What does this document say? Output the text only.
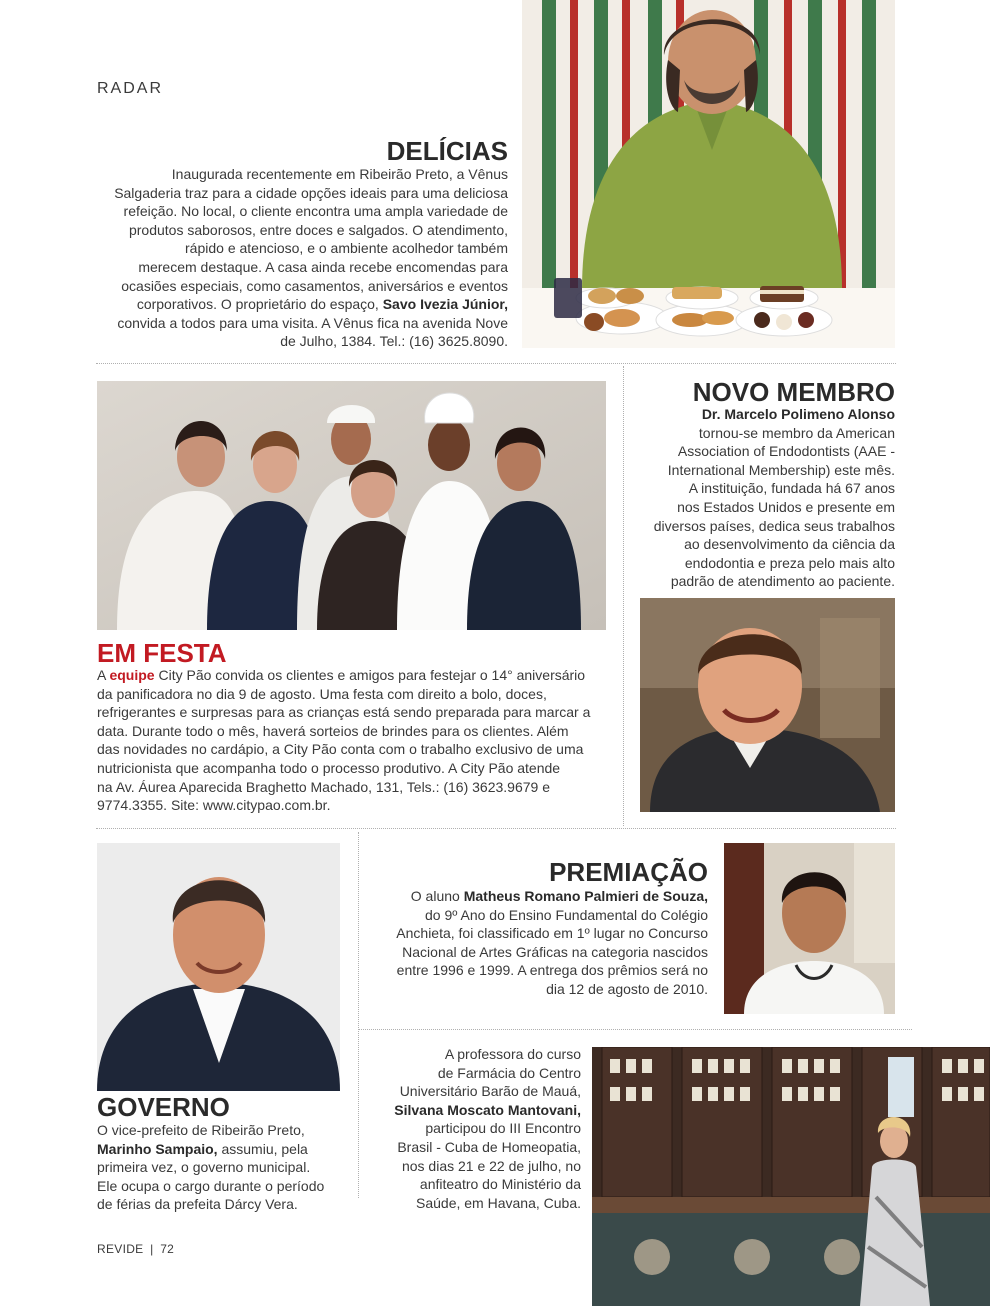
RADAR
DELÍCIAS
Inaugurada recentemente em Ribeirão Preto, a Vênus
Salgaderia traz para a cidade opções ideais para uma deliciosa
refeição. No local, o cliente encontra uma ampla variedade de
produtos saborosos, entre doces e salgados. O atendimento,
rápido e atencioso, e o ambiente acolhedor também
merecem destaque. A casa ainda recebe encomendas para
ocasiões especiais, como casamentos, aniversários e eventos
corporativos. O proprietário do espaço, Savo Ivezia Júnior,
convida a todos para uma visita. A Vênus fica na avenida Nove
de Julho, 1384. Tel.: (16) 3625.8090.
EM FESTA
A equipe City Pão convida os clientes e amigos para festejar o 14° aniversário
da panificadora no dia 9 de agosto. Uma festa com direito a bolo, doces,
refrigerantes e surpresas para as crianças está sendo preparada para marcar a
data. Durante todo o mês, haverá sorteios de brindes para os clientes. Além
das novidades no cardápio, a City Pão conta com o trabalho exclusivo de uma
nutricionista que acompanha todo o processo produtivo. A City Pão atende
na Av. Áurea Aparecida Braghetto Machado, 131, Tels.: (16) 3623.9679 e
9774.3355. Site: www.citypao.com.br.
NOVO MEMBRO
Dr. Marcelo Polimeno Alonso
tornou-se membro da American
Association of Endodontists (AAE -
International Membership) este mês.
A instituição, fundada há 67 anos
nos Estados Unidos e presente em
diversos países, dedica seus trabalhos
ao desenvolvimento da ciência da
endodontia e preza pelo mais alto
padrão de atendimento ao paciente.
GOVERNO
O vice-prefeito de Ribeirão Preto,
Marinho Sampaio, assumiu, pela
primeira vez, o governo municipal.
Ele ocupa o cargo durante o período
de férias da prefeita Dárcy Vera.
PREMIAÇÃO
O aluno Matheus Romano Palmieri de Souza,
do 9º Ano do Ensino Fundamental do Colégio
Anchieta, foi classificado em 1º lugar no Concurso
Nacional de Artes Gráficas na categoria nascidos
entre 1996 e 1999. A entrega dos prêmios será no
dia 12 de agosto de 2010.
A professora do curso
de Farmácia do Centro
Universitário Barão de Mauá,
Silvana Moscato Mantovani,
participou do III Encontro
Brasil - Cuba de Homeopatia,
nos dias 21 e 22 de julho, no
anfiteatro do Ministério da
Saúde, em Havana, Cuba.
REVIDE | 72
